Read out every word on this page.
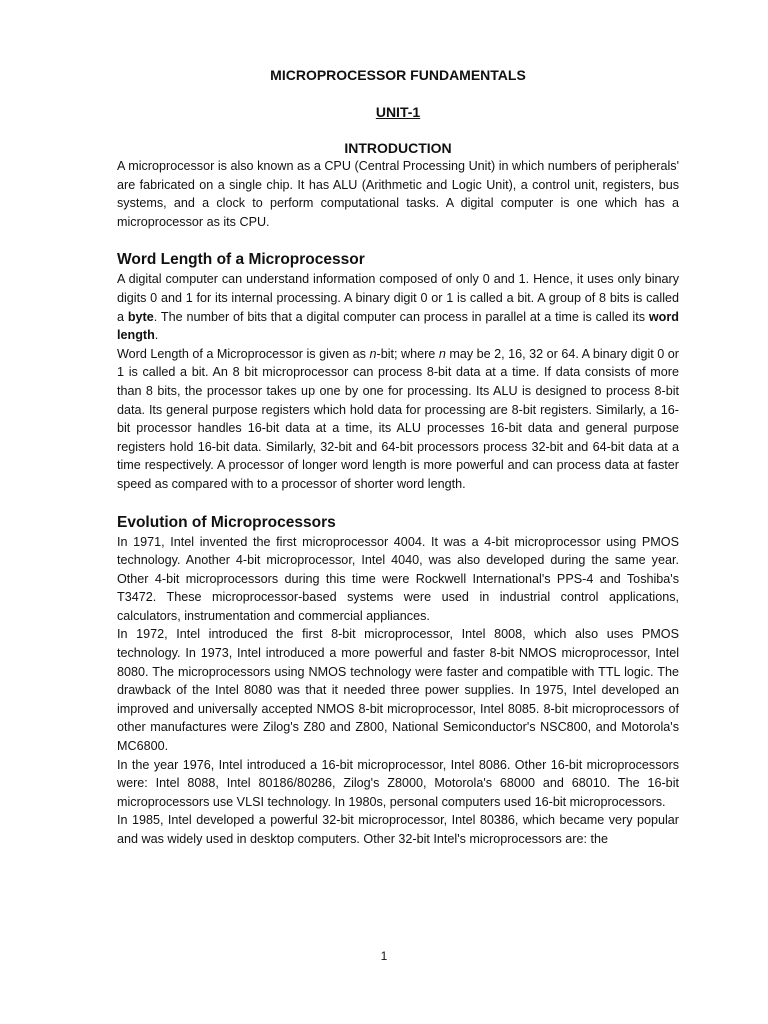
MICROPROCESSOR FUNDAMENTALS
UNIT-1
INTRODUCTION

A microprocessor is also known as a CPU (Central Processing Unit) in which numbers of peripherals' are fabricated on a single chip. It has ALU (Arithmetic and Logic Unit), a control unit, registers, bus systems, and a clock to perform computational tasks. A digital computer is one which has a microprocessor as its CPU.

Word Length of a Microprocessor

A digital computer can understand information composed of only 0 and 1. Hence, it uses only binary digits 0 and 1 for its internal processing. A binary digit 0 or 1 is called a bit. A group of 8 bits is called a byte. The number of bits that a digital computer can process in parallel at a time is called its word length.

Word Length of a Microprocessor is given as n-bit; where n may be 2, 16, 32 or 64. A binary digit 0 or 1 is called a bit. An 8 bit microprocessor can process 8-bit data at a time. If data consists of more than 8 bits, the processor takes up one by one for processing. Its ALU is designed to process 8-bit data. Its general purpose registers which hold data for processing are 8-bit registers. Similarly, a 16-bit processor handles 16-bit data at a time, its ALU processes 16-bit data and general purpose registers hold 16-bit data. Similarly, 32-bit and 64-bit processors process 32-bit and 64-bit data at a time respectively. A processor of longer word length is more powerful and can process data at faster speed as compared with to a processor of shorter word length.

Evolution of Microprocessors

In 1971, Intel invented the first microprocessor 4004. It was a 4-bit microprocessor using PMOS technology. Another 4-bit microprocessor, Intel 4040, was also developed during the same year. Other 4-bit microprocessors during this time were Rockwell International's PPS-4 and Toshiba's T3472. These microprocessor-based systems were used in industrial control applications, calculators, instrumentation and commercial appliances.

In 1972, Intel introduced the first 8-bit microprocessor, Intel 8008, which also uses PMOS technology. In 1973, Intel introduced a more powerful and faster 8-bit NMOS microprocessor, Intel 8080. The microprocessors using NMOS technology were faster and compatible with TTL logic. The drawback of the Intel 8080 was that it needed three power supplies. In 1975, Intel developed an improved and universally accepted NMOS 8-bit microprocessor, Intel 8085. 8-bit microprocessors of other manufactures were Zilog's Z80 and Z800, National Semiconductor's NSC800, and Motorola's MC6800.

In the year 1976, Intel introduced a 16-bit microprocessor, Intel 8086. Other 16-bit microprocessors were: Intel 8088, Intel 80186/80286, Zilog's Z8000, Motorola's 68000 and 68010. The 16-bit microprocessors use VLSI technology. In 1980s, personal computers used 16-bit microprocessors.

In 1985, Intel developed a powerful 32-bit microprocessor, Intel 80386, which became very popular and was widely used in desktop computers. Other 32-bit Intel's microprocessors are: the

1
